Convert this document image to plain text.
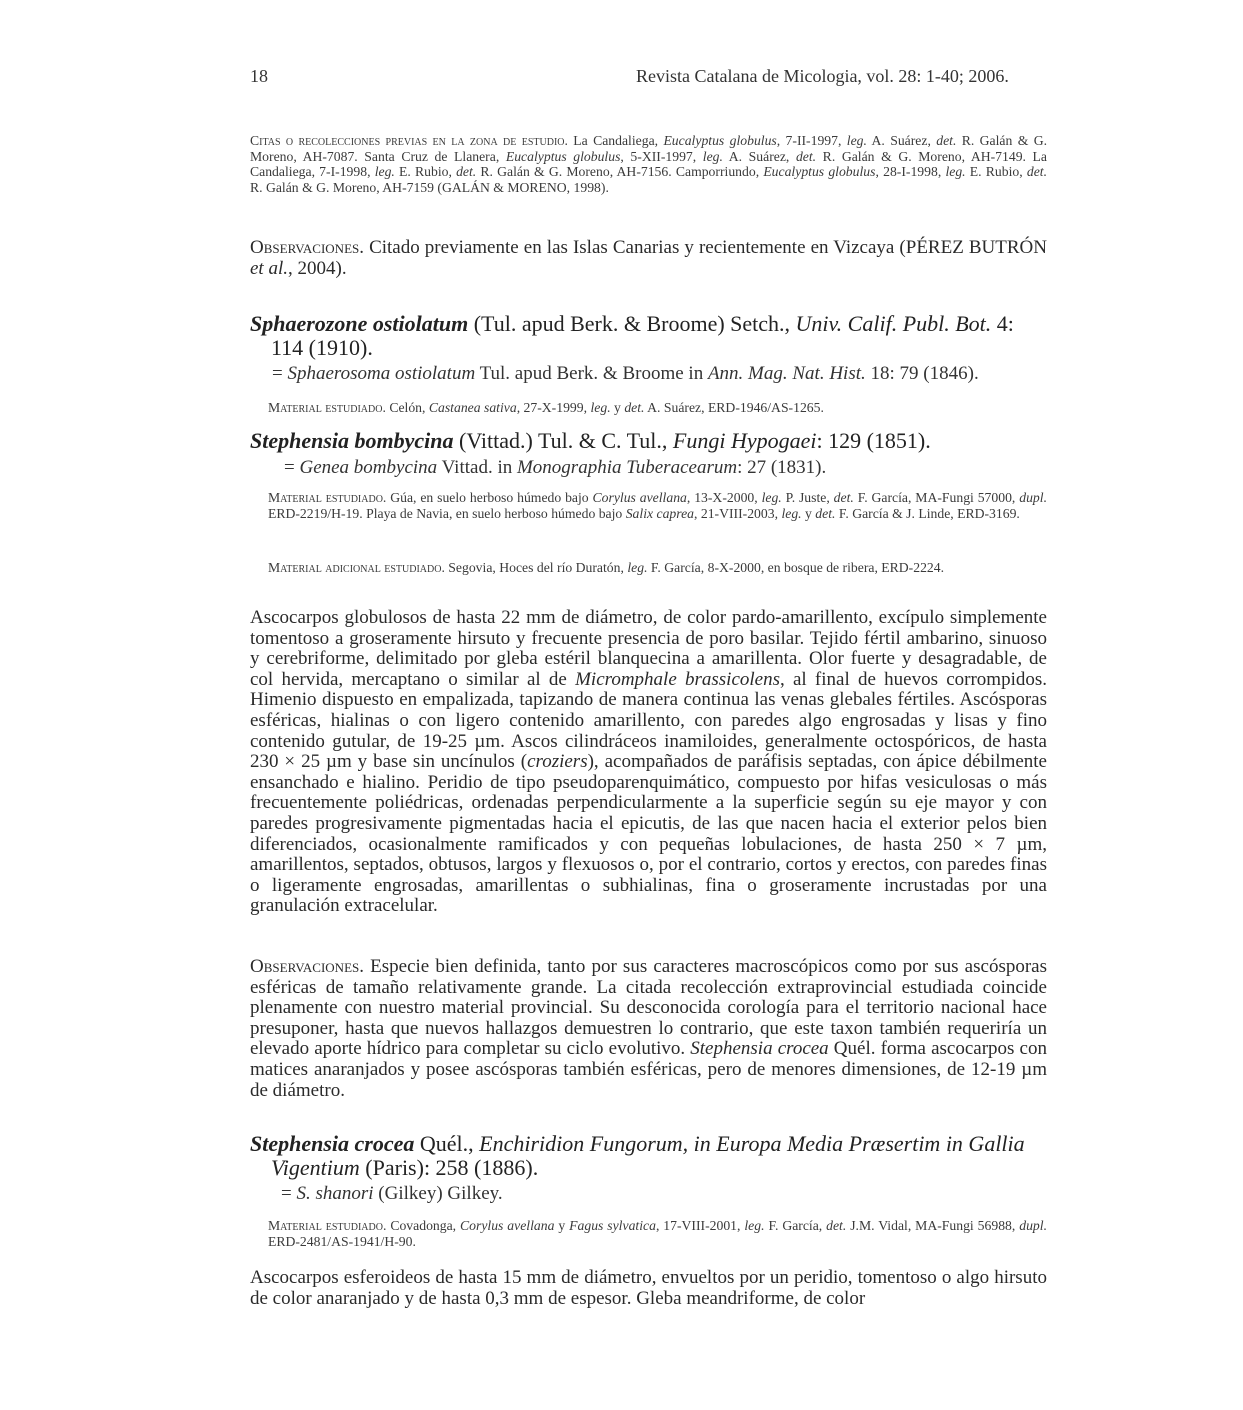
18	Revista Catalana de Micologia, vol. 28: 1-40; 2006.
Citas o recolecciones previas en la zona de estudio. La Candaliega, Eucalyptus globulus, 7-II-1997, leg. A. Suárez, det. R. Galán & G. Moreno, AH-7087. Santa Cruz de Llanera, Eucalyptus globulus, 5-XII-1997, leg. A. Suárez, det. R. Galán & G. Moreno, AH-7149. La Candaliega, 7-I-1998, leg. E. Rubio, det. R. Galán & G. Moreno, AH-7156. Camporriundo, Eucalyptus globulus, 28-I-1998, leg. E. Rubio, det. R. Galán & G. Moreno, AH-7159 (GALÁN & MORENO, 1998).
Observaciones. Citado previamente en las Islas Canarias y recientemente en Vizcaya (PÉREZ BUTRÓN et al., 2004).
Sphaerozone ostiolatum (Tul. apud Berk. & Broome) Setch., Univ. Calif. Publ. Bot. 4:
114 (1910).
= Sphaerosoma ostiolatum Tul. apud Berk. & Broome in Ann. Mag. Nat. Hist. 18: 79 (1846).
Material estudiado. Celón, Castanea sativa, 27-X-1999, leg. y det. A. Suárez, ERD-1946/AS-1265.
Stephensia bombycina (Vittad.) Tul. & C. Tul., Fungi Hypogaei: 129 (1851).
= Genea bombycina Vittad. in Monographia Tuberacearum: 27 (1831).
Material estudiado. Gúa, en suelo herboso húmedo bajo Corylus avellana, 13-X-2000, leg. P. Juste, det. F. García, MA-Fungi 57000, dupl. ERD-2219/H-19. Playa de Navia, en suelo herboso húmedo bajo Salix caprea, 21-VIII-2003, leg. y det. F. García & J. Linde, ERD-3169.
Material adicional estudiado. Segovia, Hoces del río Duratón, leg. F. García, 8-X-2000, en bosque de ribera, ERD-2224.
Ascocarpos globulosos de hasta 22 mm de diámetro, de color pardo-amarillento, excípulo simplemente tomentoso a groseramente hirsuto y frecuente presencia de poro basilar. Tejido fértil ambarino, sinuoso y cerebriforme, delimitado por gleba estéril blanquecina a amarillenta. Olor fuerte y desagradable, de col hervida, mercaptano o similar al de Micromphale brassicolens, al final de huevos corrompidos. Himenio dispuesto en empalizada, tapizando de manera continua las venas glebales fértiles. Ascósporas esféricas, hialinas o con ligero contenido amarillento, con paredes algo engrosadas y lisas y fino contenido gutular, de 19-25 µm. Ascos cilindráceos inamiloides, generalmente octospóricos, de hasta 230 × 25 µm y base sin uncínulos (croziers), acompañados de paráfisis septadas, con ápice débilmente ensanchado e hialino. Peridio de tipo pseudoparenquimático, compuesto por hifas vesiculosas o más frecuentemente poliédricas, ordenadas perpendicularmente a la superficie según su eje mayor y con paredes progresivamente pigmentadas hacia el epicutis, de las que nacen hacia el exterior pelos bien diferenciados, ocasionalmente ramificados y con pequeñas lobulaciones, de hasta 250 × 7 µm, amarillentos, septados, obtusos, largos y flexuosos o, por el contrario, cortos y erectos, con paredes finas o ligeramente engrosadas, amarillentas o subhialinas, fina o groseramente incrustadas por una granulación extracelular.
Observaciones. Especie bien definida, tanto por sus caracteres macroscópicos como por sus ascósporas esféricas de tamaño relativamente grande. La citada recolección extraprovincial estudiada coincide plenamente con nuestro material provincial. Su desconocida corología para el territorio nacional hace presuponer, hasta que nuevos hallazgos demuestren lo contrario, que este taxon también requeriría un elevado aporte hídrico para completar su ciclo evolutivo. Stephensia crocea Quél. forma ascocarpos con matices anaranjados y posee ascósporas también esféricas, pero de menores dimensiones, de 12-19 µm de diámetro.
Stephensia crocea Quél., Enchiridion Fungorum, in Europa Media Præsertim in Gallia
Vigentium (Paris): 258 (1886).
= S. shanori (Gilkey) Gilkey.
Material estudiado. Covadonga, Corylus avellana y Fagus sylvatica, 17-VIII-2001, leg. F. García, det. J.M. Vidal, MA-Fungi 56988, dupl. ERD-2481/AS-1941/H-90.
Ascocarpos esferoideos de hasta 15 mm de diámetro, envueltos por un peridio, tomentoso o algo hirsuto de color anaranjado y de hasta 0,3 mm de espesor. Gleba meandriforme, de color
